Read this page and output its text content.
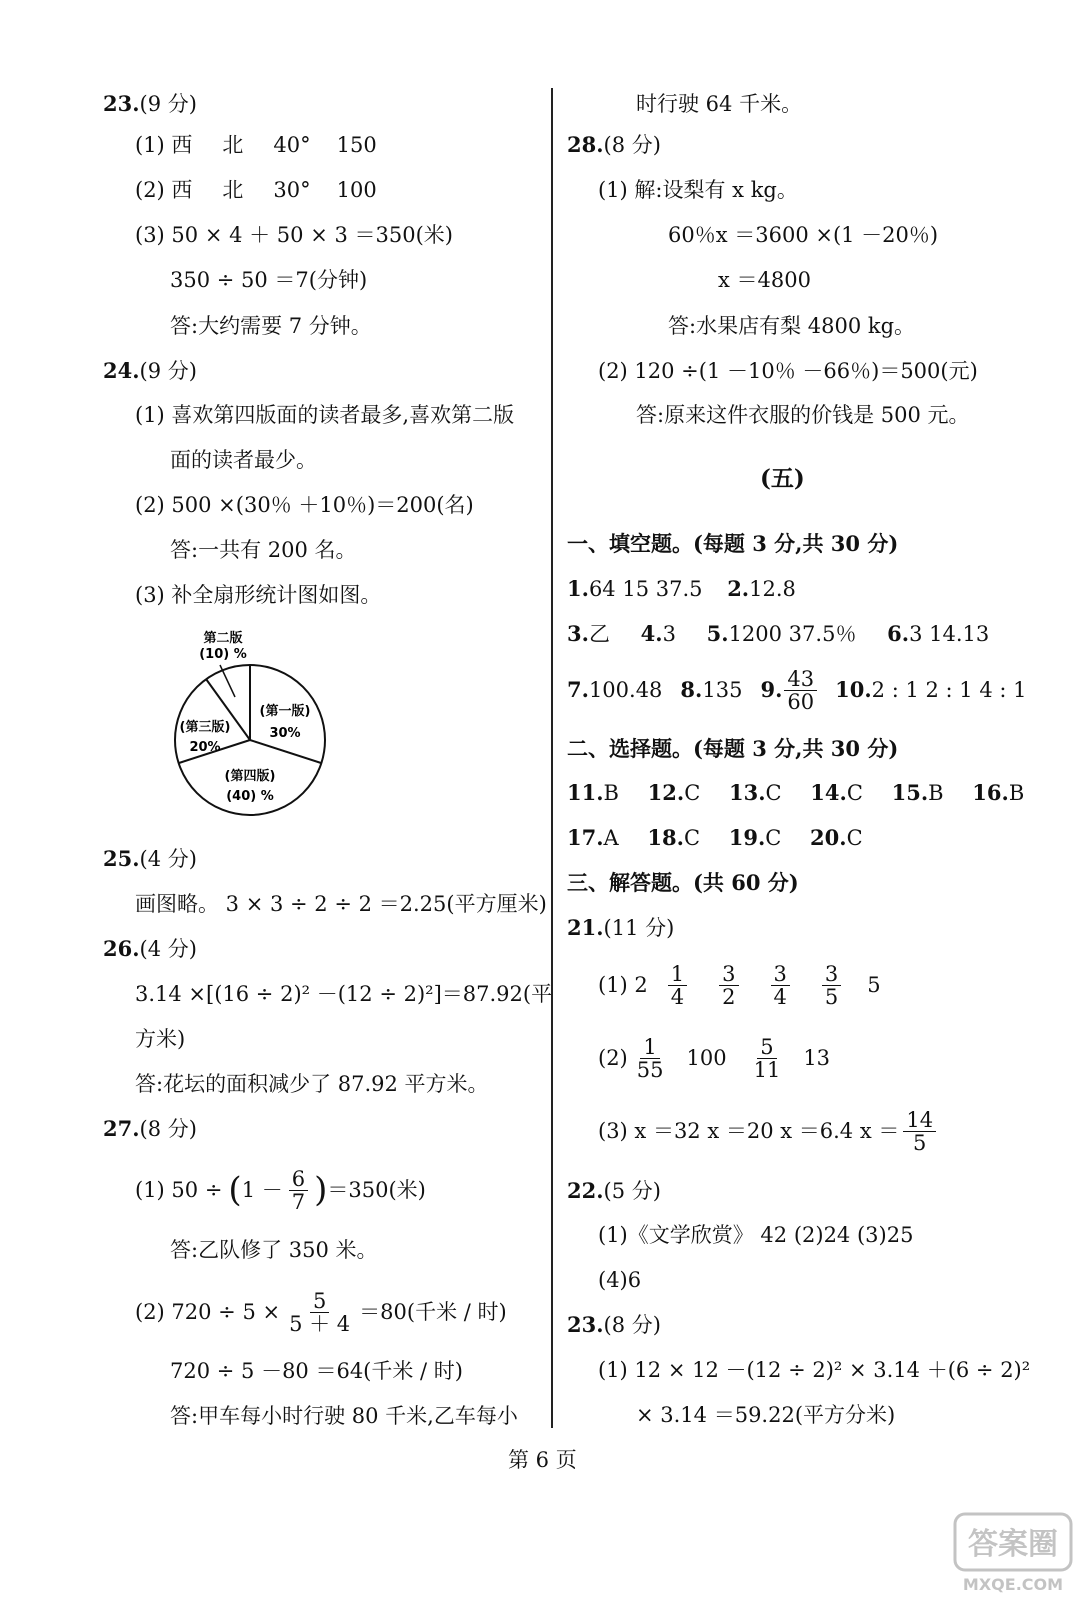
23.(9 分)
(1) 西 北 40° 150
(2) 西 北 30° 100
(3) 50 × 4 ＋ 50 × 3 ＝350(米)
350 ÷ 50 ＝7(分钟)
答:大约需要 7 分钟。
24.(9 分)
(1) 喜欢第四版面的读者最多,喜欢第二版
面的读者最少。
(2) 500 ×(30％ ＋10％)＝200(名)
答:一共有 200 名。
(3) 补全扇形统计图如图。
第二版
(10) %
(第一版)
30%
(第三版)
20%
(第四版)
(40) %
25.(4 分)
画图略。 3 × 3 ÷ 2 ÷ 2 ＝2.25(平方厘米)
26.(4 分)
3.14 ×[(16 ÷ 2)² －(12 ÷ 2)²]＝87.92(平
方米)
答:花坛的面积减少了 87.92 平方米。
27.(8 分)
(1) 50 ÷ ( $1 - \frac{6}{7}$ ) ＝350(米)
答:乙队修了 350 米。
(2) $720 \div 5 \times \frac{5}{5 + 4} =80$(千米 / 时)
720 ÷ 5 －80 ＝64(千米 / 时)
答:甲车每小时行驶 80 千米,乙车每小
时行驶 64 千米。
28.(8 分)
(1) 解:设梨有 x kg。
60％x ＝3600 ×(1 －20％)
x ＝4800
答:水果店有梨 4800 kg。
(2) 120 ÷(1 －10％ －66％)＝500(元)
答:原来这件衣服的价钱是 500 元。
(五)
一、填空题。(每题 3 分,共 30 分)
1.64 15 37.5 2.12.8
3.乙 4.3 5.1200 37.5％ 6.3 14.13
7. 100.48 8. 135 9. $\frac{43}{60} 10$. 2 : 1 2 : 1 4 : 1
二、选择题。(每题 3 分,共 30 分)
11.B 12.C 13.C 14.C 15.B 16.B
17.A 18.C 19.C 20.C
三、解答题。(共 60 分)
21.(11 分)
(1) $2 \frac{1}{4} \frac{3}{2} \frac{3}{4} \frac{3}{5} 5$
$(2) \frac{1}{55} 100 \frac{5}{11} 13$
(3) x ＝32 x ＝20 x ＝6.4 $x = \frac{14}{5}$
22.(5 分)
(1)《文学欣赏》 42 (2)24 (3)25
(4)6
23.(8 分)
(1) 12 × 12 －(12 ÷ 2)² × 3.14 ＋(6 ÷ 2)²
× 3.14 ＝59.22(平方分米)
第 6 页
答案圈
MXQE.COM
